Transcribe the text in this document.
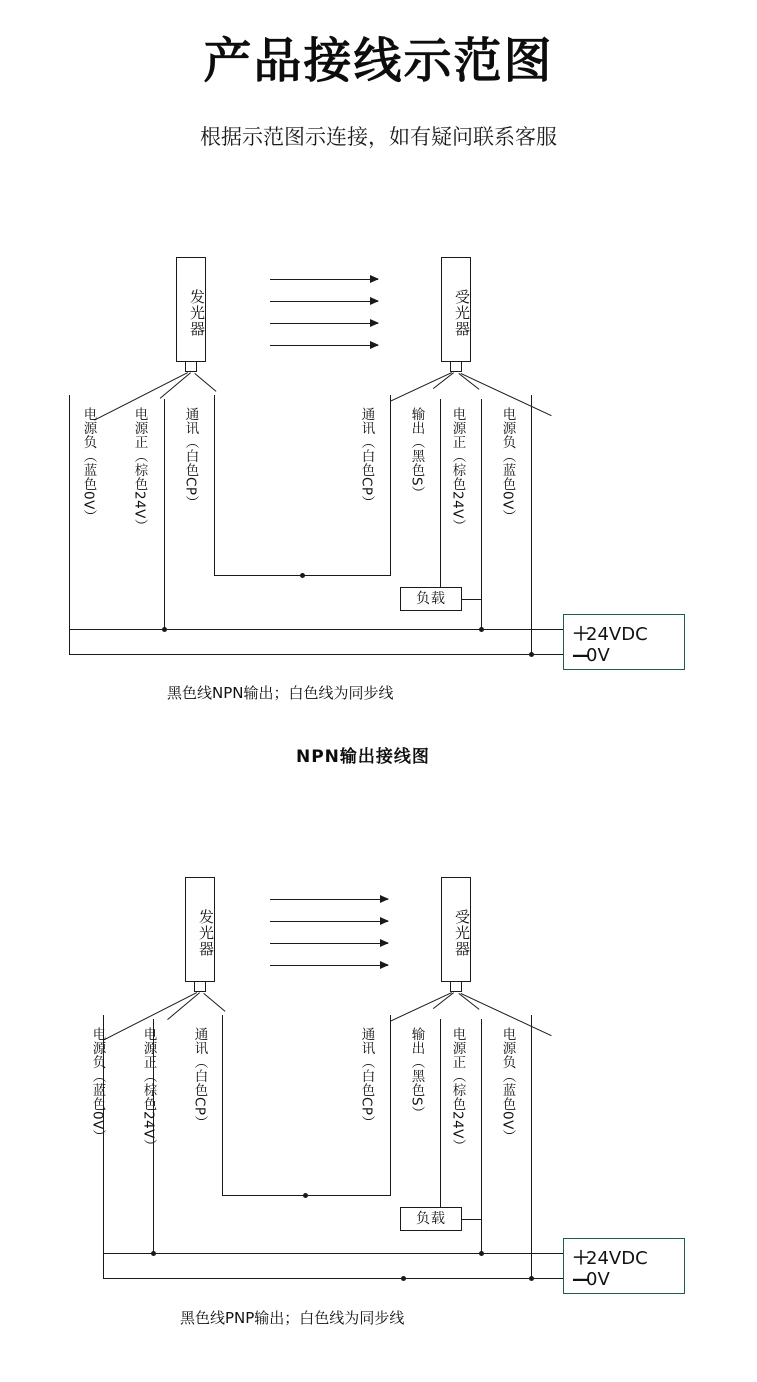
产品接线示范图
根据示范图示连接，如有疑问联系客服
发光器	受光器
电源负（蓝色0V）	电源正（棕色24V）	通讯（白色CP）	通讯（白色CP）	输出（黑色S） 电源正（棕色24V）	电源负（蓝色0V）
负载
＋24VDC
—0V
黑色线NPN输出；白色线为同步线
NPN输出接线图
发光器	受光器
电源负（蓝色0V）	电源正（棕色24V）	通讯（白色CP）	通讯（白色CP）	输出（黑色S） 电源正（棕色24V）	电源负（蓝色0V）
负载
＋24VDC
—0V
黑色线PNP输出；白色线为同步线
